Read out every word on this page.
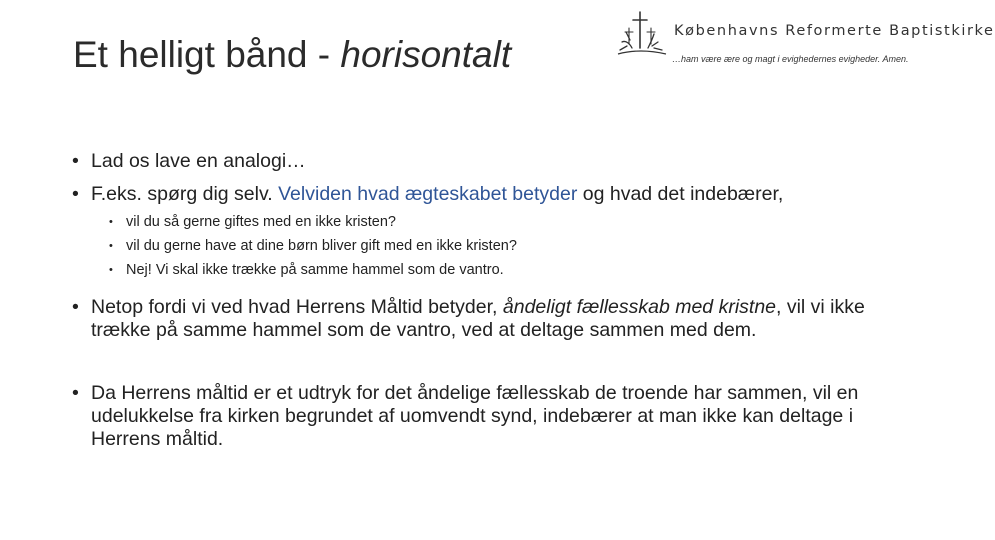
Et helligt bånd - horisontalt
Københavns Reformerte Baptistkirke
…ham være ære og magt i evighedernes evigheder. Amen.
• Lad os lave en analogi…
• F.eks. spørg dig selv. Velviden hvad ægteskabet betyder og hvad det indebærer,
• vil du så gerne giftes med en ikke kristen?
• vil du gerne have at dine børn bliver gift med en ikke kristen?
• Nej! Vi skal ikke trække på samme hammel som de vantro.
• Netop fordi vi ved hvad Herrens Måltid betyder, åndeligt fællesskab med kristne, vil vi ikke trække på samme hammel som de vantro, ved at deltage sammen med dem.
• Da Herrens måltid er et udtryk for det åndelige fællesskab de troende har sammen, vil en udelukkelse fra kirken begrundet af uomvendt synd, indebærer at man ikke kan deltage i Herrens måltid.
